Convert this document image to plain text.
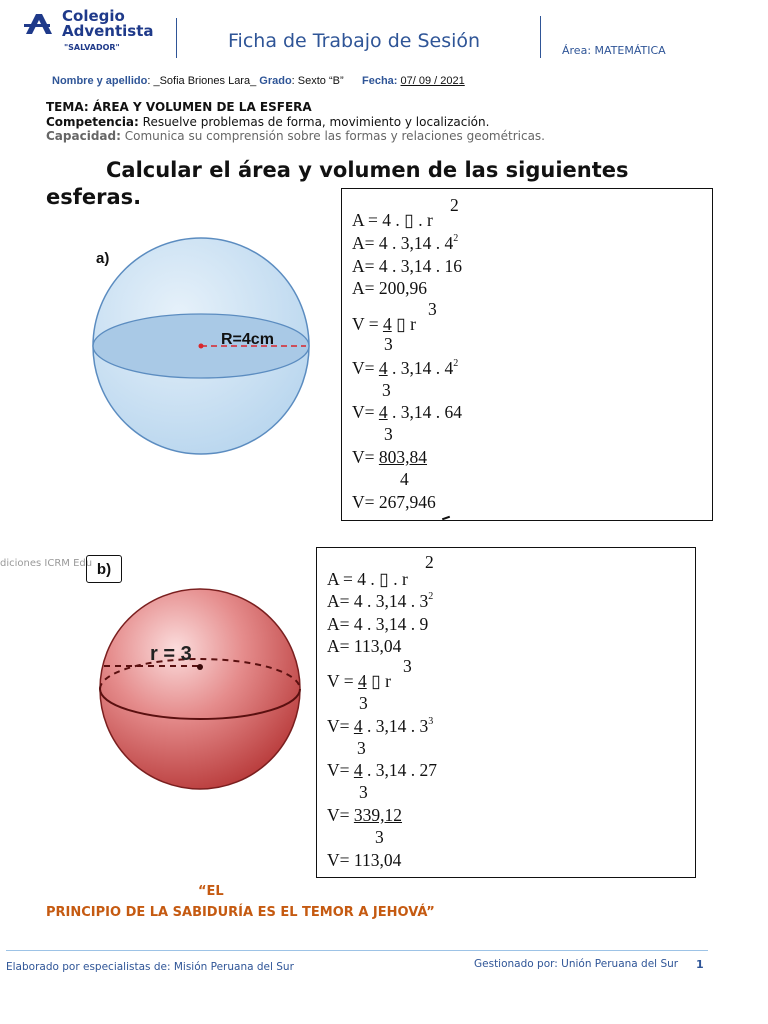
Colegio
Adventista
"SALVADOR"	Ficha de Trabajo de Sesión	Área: MATEMÁTICA
Nombre y apellido: _Sofia Briones Lara_ Grado: Sexto “B” Fecha: 07/ 09 / 2021
TEMA: ÁREA Y VOLUMEN DE LA ESFERA
Competencia: Resuelve problemas de forma, movimiento y localización.
Capacidad: Comunica su comprensión sobre las formas y relaciones geométricas.
Calcular el área y volumen de las siguientes esferas.
a)
R=4cm
2
A = 4 . ▯ . r
A= 4 . 3,14 . $4^2$
A= 4 . 3,14 . 16
A= 200,96
3
V = 4 ▯ r
3
V= 4 . 3,14 . $4^2$
3
V= 4 . 3,14 . 64
3
V= 803,84
4
V= 267,946
diciones ICRM Edu b)
r = 3
2
A = 4 . ▯ . r
A= 4 . 3,14 . $3^2$
A= 4 . 3,14 . 9
A= 113,04
3
V = 4 ▯ r
3
V= 4 . 3,14 . $3^3$
3
V= 4 . 3,14 . 27
3
V= 339,12
3
V= 113,04
“EL
PRINCIPIO DE LA SABIDURÍA ES EL TEMOR A JEHOVÁ”
Elaborado por especialistas de: Misión Peruana del Sur	Gestionado por: Unión Peruana del Sur 1
